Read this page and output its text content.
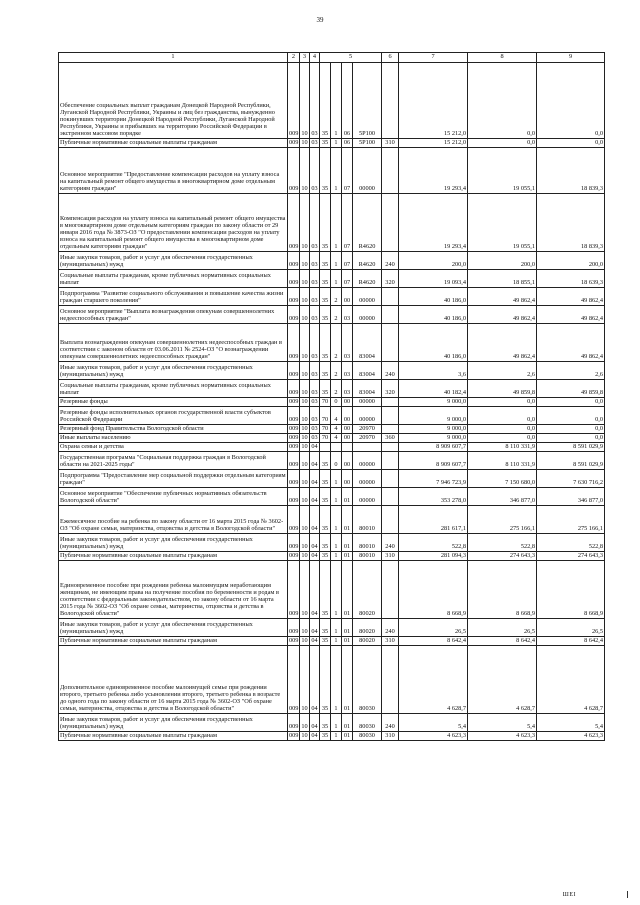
39
1	2	3	4	5				6	7	8	9
Обеспечение социальных выплат гражданам Донецкой Народной Республики, Луганской Народной Республики, Украины и лиц без гражданства, вынужденно покинувших территории Донецкой Народной Республики, Луганской Народной Республики, Украины и прибывших на территорию Российской Федерации в экстренном массовом порядке	009	10	03	35	1	06	5Р100		15 212,0	0,0	0,0
Публичные нормативные социальные выплаты гражданам	009	10	03	35	1	06	5Р100	310	15 212,0	0,0	0,0
Основное мероприятие "Предоставление компенсации расходов на уплату взноса на капитальный ремонт общего имущества в многоквартирном доме отдельным категориям граждан"	009	10	03	35	1	07	00000		19 293,4	19 055,1	18 839,3
Компенсация расходов на уплату взноса на капитальный ремонт общего имущества в многоквартирном доме отдельным категориям граждан по закону области от 29 января 2016 года № 3873-ОЗ "О предоставлении компенсации расходов на уплату взноса на капитальный ремонт общего имущества в многоквартирном доме отдельным категориям граждан"	009	10	03	35	1	07	R4620		19 293,4	19 055,1	18 839,3
Иные закупки товаров, работ и услуг для обеспечения государственных (муниципальных) нужд	009	10	03	35	1	07	R4620	240	200,0	200,0	200,0
Социальные выплаты гражданам, кроме публичных нормативных социальных выплат	009	10	03	35	1	07	R4620	320	19 093,4	18 855,1	18 639,3
Подпрограмма "Развитие социального обслуживания и повышение качества жизни граждан старшего поколения"	009	10	03	35	2	00	00000		40 186,0	49 862,4	49 862,4
Основное мероприятие "Выплата вознаграждения опекунам совершеннолетних недееспособных граждан"	009	10	03	35	2	03	00000		40 186,0	49 862,4	49 862,4
Выплата вознаграждения опекунам совершеннолетних недееспособных граждан в соответствии с законом области от 03.06.2011 № 2524-ОЗ "О вознаграждении опекунам совершеннолетних недееспособных граждан"	009	10	03	35	2	03	83004		40 186,0	49 862,4	49 862,4
Иные закупки товаров, работ и услуг для обеспечения государственных (муниципальных) нужд	009	10	03	35	2	03	83004	240	3,6	2,6	2,6
Социальные выплаты гражданам, кроме публичных нормативных социальных выплат	009	10	03	35	2	03	83004	320	40 182,4	49 859,8	49 859,8
Резервные фонды	009	10	03	70	0	00	00000		9 000,0	0,0	0,0
Резервные фонды исполнительных органов государственной власти субъектов Российской Федерации	009	10	03	70	4	00	00000		9 000,0	0,0	0,0
Резервный фонд Правительства Вологодской области	009	10	03	70	4	00	20970		9 000,0	0,0	0,0
Иные выплаты населению	009	10	03	70	4	00	20970	360	9 000,0	0,0	0,0
Охрана семьи и детства	009	10	04						8 909 607,7	8 110 331,9	8 591 029,9
Государственная программа "Социальная поддержка граждан в Вологодской области на 2021-2025 годы"	009	10	04	35	0	00	00000		8 909 607,7	8 110 331,9	8 591 029,9
Подпрограмма "Предоставление мер социальной поддержки отдельным категориям граждан"	009	10	04	35	1	00	00000		7 946 723,9	7 150 680,0	7 630 716,2
Основное мероприятие "Обеспечение публичных нормативных обязательств Вологодской области"	009	10	04	35	1	01	00000		353 278,0	346 877,0	346 877,0
Ежемесячное пособие на ребенка по закону области от 16 марта 2015 года № 3602-ОЗ "Об охране семьи, материнства, отцовства и детства в Вологодской области"	009	10	04	35	1	01	80010		281 617,1	275 166,1	275 166,1
Иные закупки товаров, работ и услуг для обеспечения государственных (муниципальных) нужд	009	10	04	35	1	01	80010	240	522,8	522,8	522,8
Публичные нормативные социальные выплаты гражданам	009	10	04	35	1	01	80010	310	281 094,3	274 643,3	274 643,3
Единовременное пособие при рождении ребенка малоимущим неработающим женщинам, не имеющим права на получение пособия по беременности и родам в соответствии с федеральным законодательством, по закону области от 16 марта 2015 года № 3602-ОЗ "Об охране семьи, материнства, отцовства и детства в Вологодской области"	009	10	04	35	1	01	80020		8 668,9	8 668,9	8 668,9
Иные закупки товаров, работ и услуг для обеспечения государственных (муниципальных) нужд	009	10	04	35	1	01	80020	240	26,5	26,5	26,5
Публичные нормативные социальные выплаты гражданам	009	10	04	35	1	01	80020	310	8 642,4	8 642,4	8 642,4
Дополнительное единовременное пособие малоимущей семье при рождении второго, третьего ребенка либо усыновлении второго, третьего ребенка в возрасте до одного года по закону области от 16 марта 2015 года № 3602-ОЗ "Об охране семьи, материнства, отцовства и детства в Вологодской области"	009	10	04	35	1	01	80030		4 628,7	4 628,7	4 628,7
Иные закупки товаров, работ и услуг для обеспечения государственных (муниципальных) нужд	009	10	04	35	1	01	80030	240	5,4	5,4	5,4
Публичные нормативные социальные выплаты гражданам	009	10	04	35	1	01	80030	310	4 623,3	4 623,3	4 623,3
ШЕI
